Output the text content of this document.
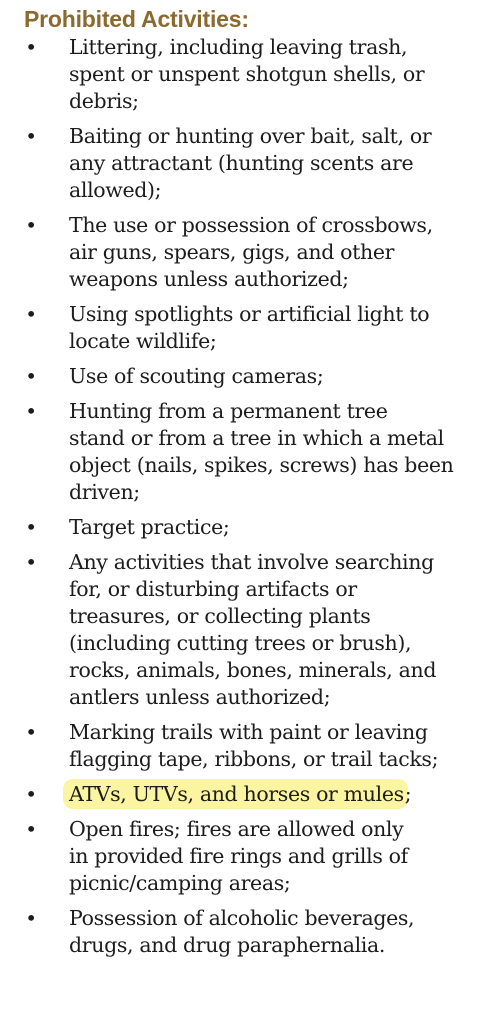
Prohibited Activities:
• Littering, including leaving trash,
spent or unspent shotgun shells, or
debris;
• Baiting or hunting over bait, salt, or
any attractant (hunting scents are
allowed);
• The use or possession of crossbows,
air guns, spears, gigs, and other
weapons unless authorized;
• Using spotlights or artificial light to
locate wildlife;
• Use of scouting cameras;
• Hunting from a permanent tree
stand or from a tree in which a metal
object (nails, spikes, screws) has been
driven;
• Target practice;
• Any activities that involve searching
for, or disturbing artifacts or
treasures, or collecting plants
(including cutting trees or brush),
rocks, animals, bones, minerals, and
antlers unless authorized;
• Marking trails with paint or leaving
flagging tape, ribbons, or trail tacks;
• ATVs, UTVs, and horses or mules;
• Open fires; fires are allowed only
in provided fire rings and grills of
picnic/camping areas;
• Possession of alcoholic beverages,
drugs, and drug paraphernalia.
